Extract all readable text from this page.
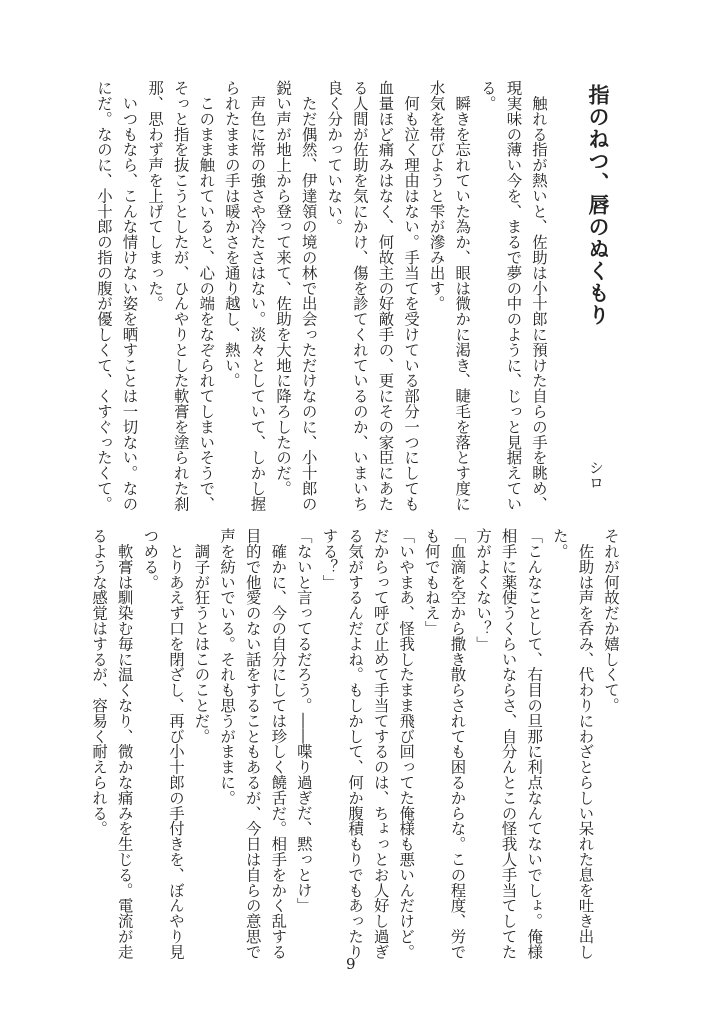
指のねつ、唇のぬくもり
シロ
　触れる指が熱いと、佐助は小十郎に預けた自らの手を眺め、
現実味の薄い今を、まるで夢の中のように、じっと見据えてい
る。
　瞬きを忘れていた為か、眼は微かに渇き、睫毛を落とす度に
水気を帯びようと雫が滲み出す。
　何も泣く理由はない。手当てを受けている部分一つにしても
血量ほど痛みはなく、何故主の好敵手の、更にその家臣にあた
る人間が佐助を気にかけ、傷を診てくれているのか、いまいち
良く分かっていない。
　ただ偶然、伊達領の境の林で出会っただけなのに、小十郎の
鋭い声が地上から登って来て、佐助を大地に降ろしたのだ。
　声色に常の強さや冷たさはない。淡々としていて、しかし握
られたままの手は暖かさを通り越し、熱い。
　このまま触れていると、心の端をなぞられてしまいそうで、
そっと指を抜こうとしたが、ひんやりとした軟膏を塗られた刹
那、思わず声を上げてしまった。
　いつもなら、こんな情けない姿を晒すことは一切ない。なの
にだ。なのに、小十郎の指の腹が優しくて、くすぐったくて。
それが何故だか嬉しくて。
　佐助は声を呑み、代わりにわざとらしい呆れた息を吐き出し
た。
「こんなことして、右目の旦那に利点なんてないでしょ。俺様
相手に薬使うくらいならさ、自分んとこの怪我人手当てしてた
方がよくない？」
「血滴を空から撒き散らされても困るからな。この程度、労で
も何でもねえ」
「いやまあ、怪我したまま飛び回ってた俺様も悪いんだけど。
だからって呼び止めて手当てするのは、ちょっとお人好し過ぎ
る気がするんだよね。もしかして、何か腹積もりでもあったり
する？」
「ないと言ってるだろう。――喋り過ぎだ、黙っとけ」
　確かに、今の自分にしては珍しく饒舌だ。相手をかく乱する
目的で他愛のない話をすることもあるが、今日は自らの意思で
声を紡いでいる。それも思うがままに。
　調子が狂うとはこのことだ。
　とりあえず口を閉ざし、再び小十郎の手付きを、ぼんやり見
つめる。
　軟膏は馴染む毎に温くなり、微かな痛みを生じる。電流が走
るような感覚はするが、容易く耐えられる。
9
